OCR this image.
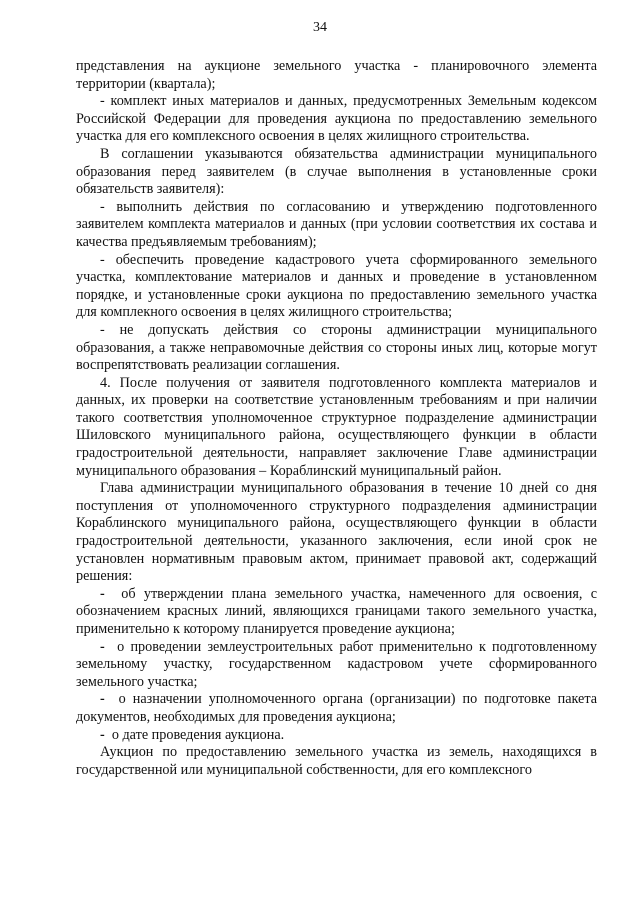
34

представления на аукционе земельного участка - планировочного элемента территории (квартала);

- комплект иных материалов и данных, предусмотренных Земельным кодексом Российской Федерации для проведения аукциона по предоставлению земельного участка для его комплексного освоения в целях жилищного строительства.

В соглашении указываются обязательства администрации муниципального образования перед заявителем (в случае выполнения в установленные сроки обязательств заявителя):

- выполнить действия по согласованию и утверждению подготовленного заявителем комплекта материалов и данных (при условии соответствия их состава и качества предъявляемым требованиям);

- обеспечить проведение кадастрового учета сформированного земельного участка, комплектование материалов и данных и проведение в установленном порядке, и установленные сроки аукциона по предоставлению земельного участка для комплекного освоения в целях жилищного строительства;

- не допускать действия со стороны администрации муниципального образования, а также неправомочные действия со стороны иных лиц, которые могут воспрепятствовать реализации соглашения.

4. После получения от заявителя подготовленного комплекта материалов и данных, их проверки на соответствие установленным требованиям и при наличии такого соответствия уполномоченное структурное подразделение администрации Шиловского муниципального района, осуществляющего функции в области градостроительной деятельности, направляет заключение Главе администрации муниципального образования – Кораблинский муниципальный район.

Глава администрации муниципального образования в течение 10 дней со дня поступления от уполномоченного структурного подразделения администрации Кораблинского муниципального района, осуществляющего функции в области градостроительной деятельности, указанного заключения, если иной срок не установлен нормативным правовым актом, принимает правовой акт, содержащий решения:

- об утверждении плана земельного участка, намеченного для освоения, с обозначением красных линий, являющихся границами такого земельного участка, применительно к которому планируется проведение аукциона;

- о проведении землеустроительных работ применительно к подготовленному земельному участку, государственном кадастровом учете сформированного земельного участка;

- о назначении уполномоченного органа (организации) по подготовке пакета документов, необходимых для проведения аукциона;

- о дате проведения аукциона.

Аукцион по предоставлению земельного участка из земель, находящихся в государственной или муниципальной собственности, для его комплексного
